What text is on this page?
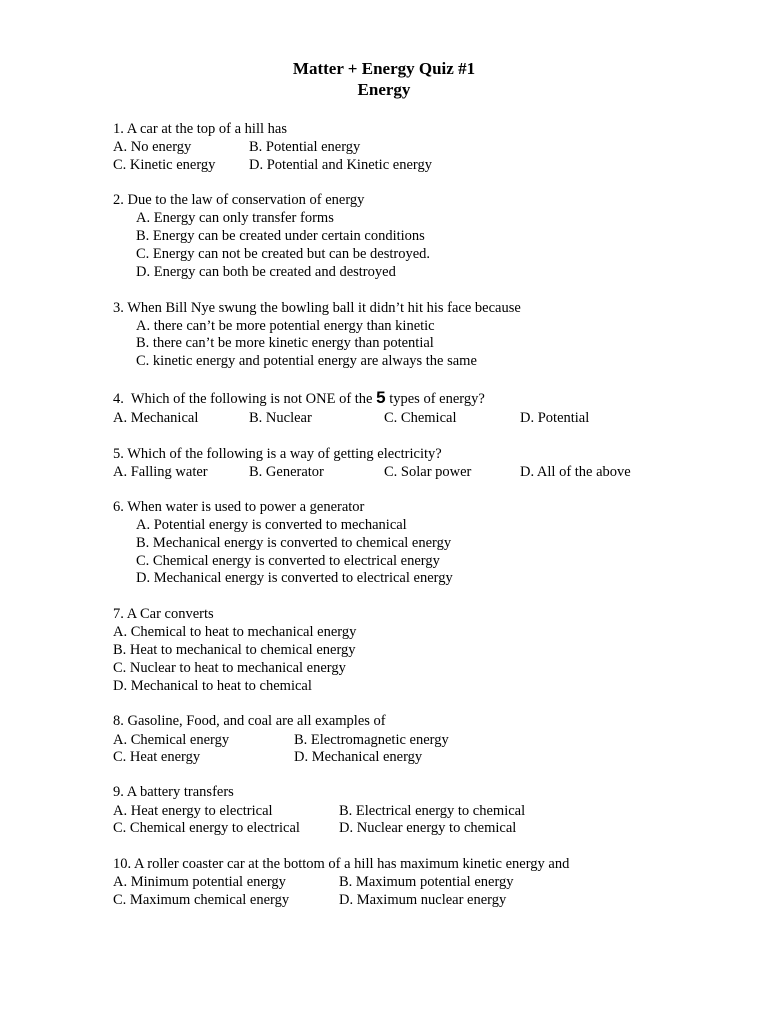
Matter + Energy Quiz #1
Energy
1. A car at the top of a hill has
A. No energy	B. Potential energy
C. Kinetic energy D. Potential and Kinetic energy
2. Due to the law of conservation of energy
A. Energy can only transfer forms
B. Energy can be created under certain conditions
C. Energy can not be created but can be destroyed.
D. Energy can both be created and destroyed
3. When Bill Nye swung the bowling ball it didn’t hit his face because
A. there can’t be more potential energy than kinetic
B. there can’t be more kinetic energy than potential
C. kinetic energy and potential energy are always the same
4.  Which of the following is not ONE of the 5 types of energy?
A. Mechanical	B. Nuclear	C. Chemical	D. Potential
5. Which of the following is a way of getting electricity?
A. Falling water	B. Generator	C. Solar power	D. All of the above
6. When water is used to power a generator
A. Potential energy is converted to mechanical
B. Mechanical energy is converted to chemical energy
C. Chemical energy is converted to electrical energy
D. Mechanical energy is converted to electrical energy
7. A Car converts
A. Chemical to heat to mechanical energy
B. Heat to mechanical to chemical energy
C. Nuclear to heat to mechanical energy
D. Mechanical to heat to chemical
8. Gasoline, Food, and coal are all examples of
A. Chemical energy	B. Electromagnetic energy
C. Heat energy	D. Mechanical energy
9. A battery transfers
A. Heat energy to electrical	B. Electrical energy to chemical
C. Chemical energy to electrical	D. Nuclear energy to chemical
10. A roller coaster car at the bottom of a hill has maximum kinetic energy and
A. Minimum potential energy	B. Maximum potential energy
C. Maximum chemical energy	D. Maximum nuclear energy
